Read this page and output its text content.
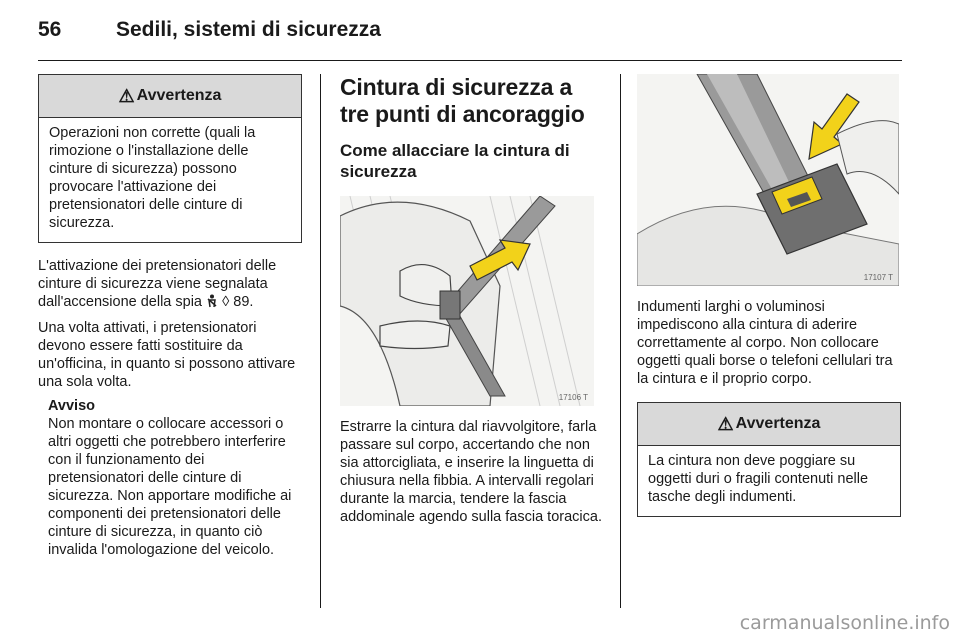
56	Sedili, sistemi di sicurezza
⚠ Avvertenza
Operazioni non corrette (quali la rimozione o l'installazione delle cinture di sicurezza) possono provocare l'attivazione dei pretensionatori delle cinture di sicurezza.

L'attivazione dei pretensionatori delle cinture di sicurezza viene segnalata dall'accensione della spia ◊ 89.

Una volta attivati, i pretensionatori devono essere fatti sostituire da un'officina, in quanto si possono attivare una sola volta.

Avviso

Non montare o collocare accessori o altri oggetti che potrebbero interferire con il funzionamento dei pretensionatori delle cinture di sicurezza. Non apportare modifiche ai componenti dei pretensionatori delle cinture di sicurezza, in quanto ciò invalida l'omologazione del veicolo.

Cintura di sicurezza a tre punti di ancoraggio
Come allacciare la cintura di sicurezza
17106 T

Estrarre la cintura dal riavvolgitore, farla passare sul corpo, accertando che non sia attorcigliata, e inserire la linguetta di chiusura nella fibbia. A intervalli regolari durante la marcia, tendere la fascia addominale agendo sulla fascia toracica.

17107 T

Indumenti larghi o voluminosi impediscono alla cintura di aderire correttamente al corpo. Non collocare oggetti quali borse o telefoni cellulari tra la cintura e il proprio corpo.

⚠ Avvertenza
La cintura non deve poggiare su oggetti duri o fragili contenuti nelle tasche degli indumenti.
carmanualsonline.info
